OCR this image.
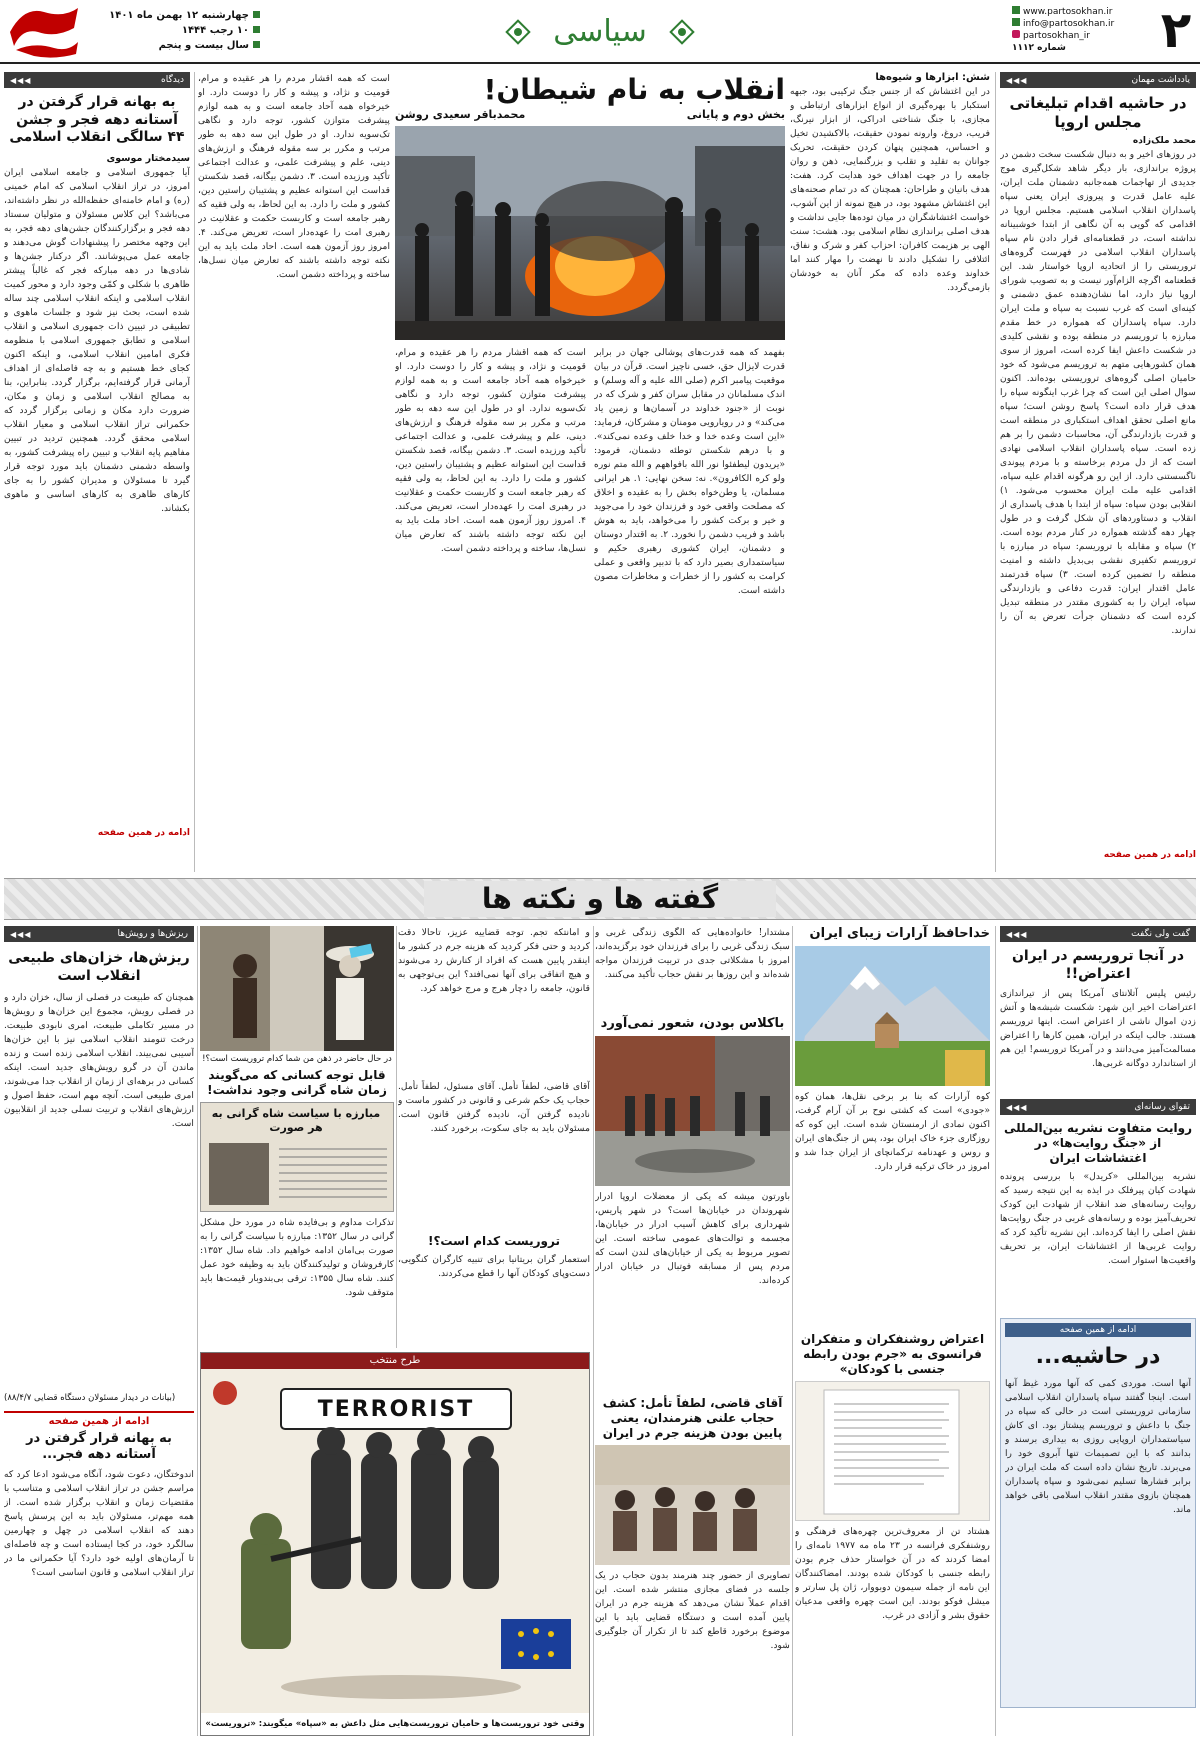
۲
www.partosokhan.ir
info@partosokhan.ir
partosokhan_ir
شماره ۱۱۱۲
سیاسی
چهارشنبه ۱۲ بهمن ماه ۱۴۰۱
۱۰ رجب ۱۴۴۴
سال بیست و پنجم
یادداشت مهمان
◀◀◀
در حاشیه اقدام تبلیغاتی مجلس اروپا
محمد ملک‌زاده
در روزهای اخیر و به دنبال شکست سخت دشمن در پروژه براندازی، بار دیگر شاهد شکل‌گیری موج جدیدی از تهاجمات همه‌جانبه دشمنان ملت ایران، علیه عامل قدرت و پیروزی ایران یعنی سپاه پاسداران انقلاب اسلامی هستیم. مجلس اروپا در اقدامی که گویی به آن نگاهی از ابتدا خوشبینانه نداشته است، در قطعنامه‌ای قرار دادن نام سپاه پاسداران انقلاب اسلامی در فهرست گروه‌های تروریستی را از اتحادیه اروپا خواستار شد. این قطعنامه اگرچه الزام‌آور نیست و به تصویب شورای اروپا نیاز دارد، اما نشان‌دهنده عمق دشمنی و کینه‌ای است که غرب نسبت به سپاه و ملت ایران دارد. سپاه پاسداران که همواره در خط مقدم مبارزه با تروریسم در منطقه بوده و نقشی کلیدی در شکست داعش ایفا کرده است، امروز از سوی همان کشورهایی متهم به تروریسم می‌شود که خود حامیان اصلی گروه‌های تروریستی بوده‌اند. اکنون سوال اصلی این است که چرا غرب اینگونه سپاه را هدف قرار داده است؟ پاسخ روشن است؛ سپاه مانع اصلی تحقق اهداف استکباری در منطقه است و قدرت بازدارندگی آن، محاسبات دشمن را بر هم زده است. سپاه پاسداران انقلاب اسلامی نهادی است که از دل مردم برخاسته و با مردم پیوندی ناگسستنی دارد. از این رو هرگونه اقدام علیه سپاه، اقدامی علیه ملت ایران محسوب می‌شود. ۱) انقلابی بودن سپاه: سپاه از ابتدا با هدف پاسداری از انقلاب و دستاوردهای آن شکل گرفت و در طول چهار دهه گذشته همواره در کنار مردم بوده است. ۲) سپاه و مقابله با تروریسم: سپاه در مبارزه با تروریسم تکفیری نقشی بی‌بدیل داشته و امنیت منطقه را تضمین کرده است. ۳) سپاه قدرتمند عامل اقتدار ایران: قدرت دفاعی و بازدارندگی سپاه، ایران را به کشوری مقتدر در منطقه تبدیل کرده است که دشمنان جرأت تعرض به آن را ندارند.
ادامه در همین صفحه
شش: ابزارها و شیوه‌ها
در این اغتشاش که از جنس جنگ ترکیبی بود، جبهه استکبار با بهره‌گیری از انواع ابزارهای ارتباطی و مجازی، با جنگ شناختی ادراکی، از ابزار نیرنگ، فریب، دروغ، وارونه نمودن حقیقت، بالاکشیدن تخیل و احساس، همچنین پنهان کردن حقیقت، تحریک جوانان به تقلید و تقلب و بزرگنمایی، ذهن و روان جامعه را در جهت اهداف خود هدایت کرد. هفت: هدف بانیان و طراحان: همچنان که در تمام صحنه‌های این اغتشاش مشهود بود، در هیچ نمونه از این آشوب، خواست اغتشاشگران در میان توده‌ها جایی نداشت و هدف اصلی براندازی نظام اسلامی بود. هشت: سنت الهی بر هزیمت کافران: احزاب کفر و شرک و نفاق، ائتلافی را تشکیل دادند تا نهضت را مهار کنند اما خداوند وعده داده که مکر آنان به خودشان بازمی‌گردد.
انقلاب به نام شیطان!
بخش دوم و پایانی
محمدباقر سعیدی روشن
بفهمد که همه قدرت‌های پوشالی جهان در برابر قدرت لایزال حق، خسی ناچیز است. قرآن در بیان موقعیت پیامبر اکرم (صلی الله علیه و آله وسلم) و اندک مسلمانان در مقابل سران کفر و شرک که در نوبت از «جنود خداوند در آسمان‌ها و زمین یاد می‌کند» و در رویارویی مومنان و مشرکان، فرماید: «این است وعده خدا و خدا خلف وعده نمی‌کند». و با درهم شکستن توطئه دشمنان، فرمود: «یریدون لیطفئوا نور الله بافواههم و الله متم نوره ولو کره الکافرون». نه: سخن نهایی: ۱. هر ایرانی مسلمان، یا وطن‌خواه بخش را به عقیده و اخلاق که مصلحت واقعی خود و فرزندان خود را می‌جوید و خیر و برکت کشور را می‌خواهد، باید به هوش باشد و فریب دشمن را نخورد. ۲. به اقتدار دوستان و دشمنان، ایران کشوری رهبری حکیم و سیاستمداری بصیر دارد که با تدبیر واقعی و عملی کرامت به کشور را از خطرات و مخاطرات مصون داشته است.
است که همه اقشار مردم را هر عقیده و مرام، قومیت و نژاد، و پیشه و کار را دوست دارد. او خیرخواه همه آحاد جامعه است و به همه لوازم پیشرفت متوازن کشور، توجه دارد و نگاهی تک‌سویه ندارد. او در طول این سه دهه به طور مرتب و مکرر بر سه مقوله فرهنگ و ارزش‌های دینی، علم و پیشرفت علمی، و عدالت اجتماعی تأکید ورزیده است. ۳. دشمن بیگانه، قصد شکستن قداست این استوانه عظیم و پشتیبان راستین دین، کشور و ملت را دارد. به این لحاظ، به ولی فقیه که رهبر جامعه است و کاربست حکمت و عقلانیت در رهبری امت را عهده‌دار است، تعریض می‌کند. ۴. امروز روز آزمون همه است. احاد ملت باید به این نکته توجه داشته باشند که تعارض میان نسل‌ها، ساخته و پرداخته دشمن است.
است که همه اقشار مردم را هر عقیده و مرام، قومیت و نژاد، و پیشه و کار را دوست دارد. او خیرخواه همه آحاد جامعه است و به همه لوازم پیشرفت متوازن کشور، توجه دارد و نگاهی تک‌سویه ندارد. او در طول این سه دهه به طور مرتب و مکرر بر سه مقوله فرهنگ و ارزش‌های دینی، علم و پیشرفت علمی، و عدالت اجتماعی تأکید ورزیده است. ۳. دشمن بیگانه، قصد شکستن قداست این استوانه عظیم و پشتیبان راستین دین، کشور و ملت را دارد. به این لحاظ، به ولی فقیه که رهبر جامعه است و کاربست حکمت و عقلانیت در رهبری امت را عهده‌دار است، تعریض می‌کند. ۴. امروز روز آزمون همه است. احاد ملت باید به این نکته توجه داشته باشند که تعارض میان نسل‌ها، ساخته و پرداخته دشمن است.
دیدگاه
◀◀◀
به بهانه قرار گرفتن در آستانه دهه فجر و جشن ۴۴ سالگی انقلاب اسلامی
سیدمختار موسوی
آیا جمهوری اسلامی و جامعه اسلامی ایران امروز، در تراز انقلاب اسلامی که امام خمینی (ره) و امام خامنه‌ای حفظه‌الله در نظر داشته‌اند، می‌باشد؟ این کلاس مسئولان و متولیان سستاد دهه فجر و برگزارکنندگان جشن‌های دهه فجر، به این وجهه مختصر را پیشنهادات گوش می‌دهند و جامعه عمل می‌پوشانند. اگر درکنار جشن‌ها و شادی‌ها در دهه مبارکه فجر که غالباً پیشتر ظاهری با شکلی و کمّی وجود دارد و محور کمیت انقلاب اسلامی و اینکه انقلاب اسلامی چند ساله شده است، بحث نیز شود و جلسات ماهوی و تطبیقی در تبیین ذات جمهوری اسلامی و انقلاب اسلامی و تطابق جمهوری اسلامی با منظومه فکری امامین انقلاب اسلامی، و اینکه اکنون کجای خط هستیم و به چه فاصله‌ای از اهداف آرمانی قرار گرفته‌ایم، برگزار گردد. بنابراین، بنا به مصالح انقلاب اسلامی و زمان و مکان، ضرورت دارد مکان و زمانی برگزار گردد که حکمرانی تراز انقلاب اسلامی و معیار انقلاب اسلامی محقق گردد. همچنین تردید در تبیین مفاهیم پایه انقلاب و تبیین راه پیشرفت کشور، به واسطه دشمنی دشمنان باید مورد توجه قرار گیرد تا مسئولان و مدیران کشور را به جای کارهای ظاهری به کارهای اساسی و ماهوی بکشاند.
ادامه در همین صفحه
گفته ها و نکته ها
گفت ولی نگفت
◀◀◀
در آنجا تروریسم در ایران اعتراض!!
رئیس پلیس آتلانتای آمریکا پس از تیراندازی اعتراضات اخیر این شهر: شکست شیشه‌ها و آتش زدن اموال ناشی از اعتراض است. اینها تروریسم هستند. جالب اینکه در ایران، همین کارها را اعتراض مسالمت‌آمیز می‌دانند و در آمریکا تروریسم! این هم از استاندارد دوگانه غربی‌ها.
تقوای رسانه‌ای
◀◀◀
روایت متفاوت نشریه بین‌المللی از «جنگ روایت‌ها» در اغتشاشات ایران
نشریه بین‌المللی «کریدل» با بررسی پرونده شهادت کیان پیرفلک در ایذه به این نتیجه رسید که روایت رسانه‌های ضد انقلاب از شهادت این کودک تحریف‌آمیز بوده و رسانه‌های غربی در جنگ روایت‌ها نقش اصلی را ایفا کرده‌اند. این نشریه تأکید کرد که روایت غربی‌ها از اغتشاشات ایران، بر تحریف واقعیت‌ها استوار است.
ادامه از همین صفحه
در حاشیه...
آنها است. موردی کمی که آنها مورد غیظ آنها است. اینجا گفتند سپاه پاسداران انقلاب اسلامی سازمانی تروریستی است در حالی که سپاه در جنگ با داعش و تروریسم پیشتاز بود. ای کاش سیاستمداران اروپایی روزی به بیداری برسند و بدانند که با این تصمیمات تنها آبروی خود را می‌برند. تاریخ نشان داده است که ملت ایران در برابر فشارها تسلیم نمی‌شود و سپاه پاسداران همچنان بازوی مقتدر انقلاب اسلامی باقی خواهد ماند.
خداحافظ آرارات زیبای ایران
کوه آرارات که بنا بر برخی نقل‌ها، همان کوه «جودی» است که کشتی نوح بر آن آرام گرفت، اکنون نمادی از ارمنستان شده است. این کوه که روزگاری جزء خاک ایران بود، پس از جنگ‌های ایران و روس و عهدنامه ترکمانچای از ایران جدا شد و امروز در خاک ترکیه قرار دارد.
اعتراض روشنفکران و متفکران فرانسوی به «جرم بودن رابطه جنسی با کودکان»
هشتاد تن از معروف‌ترین چهره‌های فرهنگی و روشنفکری فرانسه در ۲۳ ماه مه ۱۹۷۷ نامه‌ای را امضا کردند که در آن خواستار حذف جرم بودن رابطه جنسی با کودکان شده بودند. امضاکنندگان این نامه از جمله سیمون دوبووار، ژان پل سارتر و میشل فوکو بودند. این است چهره واقعی مدعیان حقوق بشر و آزادی در غرب.
مشتدار! خانواده‌هایی که الگوی زندگی غربی و سبک زندگی غربی را برای فرزندان خود برگزیده‌اند، امروز با مشکلاتی جدی در تربیت فرزندان مواجه شده‌اند و این روزها بر نقش حجاب تأکید می‌کنند.
باکلاس بودن، شعور نمی‌آورد
باورتون میشه که یکی از معضلات اروپا ادرار شهروندان در خیابان‌ها است؟ در شهر پاریس، شهرداری برای کاهش آسیب ادرار در خیابان‌ها، مجسمه و توالت‌های عمومی ساخته است. این تصویر مربوط به یکی از خیابان‌های لندن است که مردم پس از مسابقه فوتبال در خیابان ادرار کرده‌اند.
آقای قاضی، لطفاً تأمل: کشف حجاب علنی هنرمندان، یعنی پایین بودن هزینه جرم در ایران
تصاویری از حضور چند هنرمند بدون حجاب در یک جلسه در فضای مجازی منتشر شده است. این اقدام عملاً نشان می‌دهد که هزینه جرم در ایران پایین آمده است و دستگاه قضایی باید با این موضوع برخورد قاطع کند تا از تکرار آن جلوگیری شود.
و امانتکه تجم. توجه قضاییه عزیز، تاحالا دقت کردید و حتی فکر کردید که هزینه جرم در کشور ما اینقدر پایین هست که افراد از کنارش رد می‌شوند و هیچ اتفاقی برای آنها نمی‌افتد؟ این بی‌توجهی به قانون، جامعه را دچار هرج و مرج خواهد کرد.
آقای قاضی، لطفاً تأمل. آقای مسئول، لطفاً تأمل. حجاب یک حکم شرعی و قانونی در کشور ماست و نادیده گرفتن آن، نادیده گرفتن قانون است. مسئولان باید به جای سکوت، برخورد کنند.
تروریست کدام است؟!
استعمار گران بریتانیا برای تنبیه کارگران کنگویی، دست‌وپای کودکان آنها را قطع می‌کردند.
در حال حاضر در ذهن من شما کدام تروریست است؟!
قابل توجه کسانی که می‌گویند زمان شاه گرانی وجود نداشت!
مبارزه با سیاست شاه گرانی به هر صورت
تذکرات مداوم و بی‌فایده شاه در مورد حل مشکل گرانی در سال ۱۳۵۲: مبارزه با سیاست گرانی را به صورت بی‌امان ادامه خواهیم داد. شاه سال ۱۳۵۲: کارفروشان و تولیدکنندگان باید به وظیفه خود عمل کنند. شاه سال ۱۳۵۵: ترقی بی‌بندوبار قیمت‌ها باید متوقف شود.
طرح منتخب
TERRORIST
وقتی خود تروریست‌ها و حامیان تروریست‌هایی مثل داعش به «سپاه» میگویند: «تروریست»
ریزش‌ها و رویش‌ها
◀◀◀
ریزش‌ها، خزان‌های طبیعی انقلاب است
همچنان که طبیعت در فصلی از سال، خزان دارد و در فصلی رویش، مجموع این خزان‌ها و رویش‌ها در مسیر تکاملی طبیعت، امری نابودی طبیعت. درخت تنومند انقلاب اسلامی نیز با این خزان‌ها آسیبی نمی‌بیند. انقلاب اسلامی زنده است و زنده ماندن آن در گرو رویش‌های جدید است. اینکه کسانی در برهه‌ای از زمان از انقلاب جدا می‌شوند، امری طبیعی است. آنچه مهم است، حفظ اصول و ارزش‌های انقلاب و تربیت نسلی جدید از انقلابیون است.
(بیانات در دیدار مسئولان دستگاه قضایی ۸۸/۴/۷)
ادامه از همین صفحه
به بهانه قرار گرفتن در آستانه دهه فجر...
اندوختگان، دعوت شود، آنگاه می‌شود ادعا کرد که مراسم جشن در تراز انقلاب اسلامی و متناسب با مقتضیات زمان و انقلاب برگزار شده است. از همه مهم‌تر، مسئولان باید به این پرسش پاسخ دهند که انقلاب اسلامی در چهل و چهارمین سالگرد خود، در کجا ایستاده است و چه فاصله‌ای تا آرمان‌های اولیه خود دارد؟ آیا حکمرانی ما در تراز انقلاب اسلامی و قانون اساسی است؟
